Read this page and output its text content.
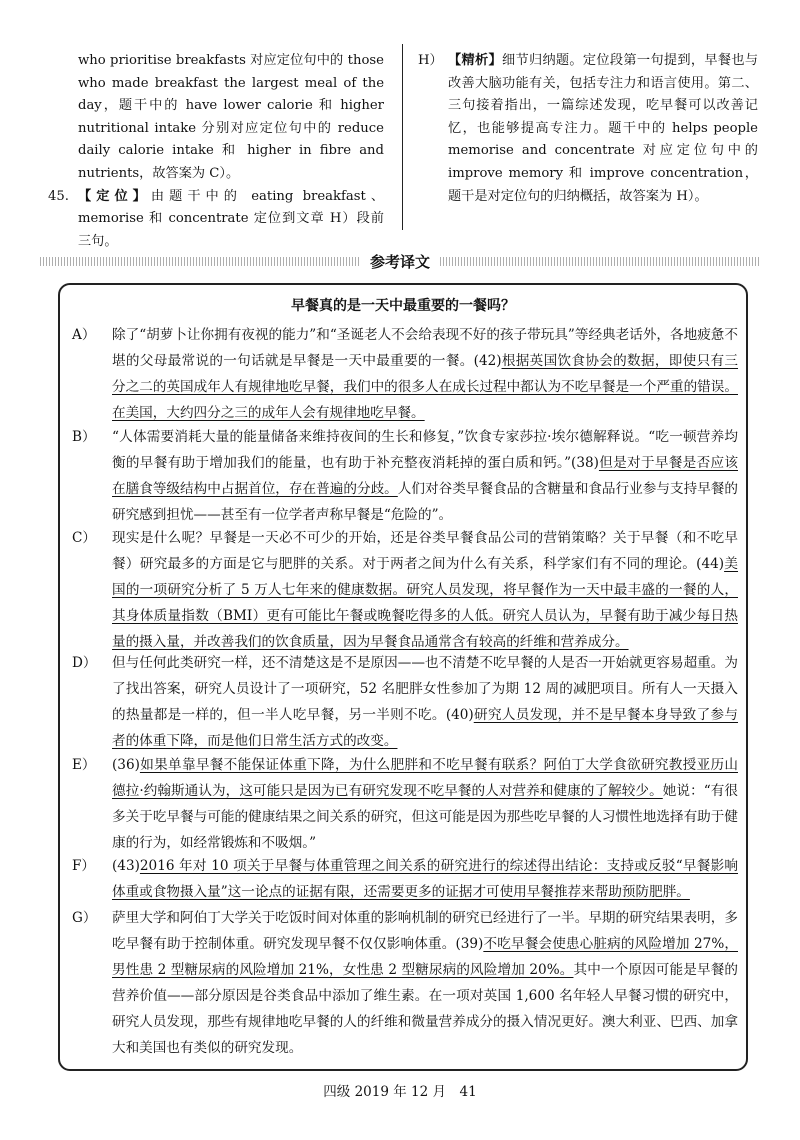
who prioritise breakfasts 对应定位句中的 those who made breakfast the largest meal of the day，题干中的 have lower calorie 和 higher nutritional intake 分别对应定位句中的 reduce daily calorie intake 和 higher in fibre and nutrients，故答案为 C）。
45. 【定位】由题干中的 eating breakfast、memorise 和 concentrate 定位到文章 H）段前三句。
H） 【精析】细节归纳题。定位段第一句提到，早餐也与改善大脑功能有关，包括专注力和语言使用。第二、三句接着指出，一篇综述发现，吃早餐可以改善记忆，也能够提高专注力。题干中的 helps people memorise and concentrate 对应定位句中的 improve memory 和 improve concentration，题干是对定位句的归纳概括，故答案为 H）。
参考译文
早餐真的是一天中最重要的一餐吗？
A）	除了“胡萝卜让你拥有夜视的能力”和“圣诞老人不会给表现不好的孩子带玩具”等经典老话外，各地疲惫不堪的父母最常说的一句话就是早餐是一天中最重要的一餐。(42)根据英国饮食协会的数据，即使只有三分之二的英国成年人有规律地吃早餐，我们中的很多人在成长过程中都认为不吃早餐是一个严重的错误。在美国，大约四分之三的成年人会有规律地吃早餐。
B）	“人体需要消耗大量的能量储备来维持夜间的生长和修复，”饮食专家莎拉·埃尔德解释说。“吃一顿营养均衡的早餐有助于增加我们的能量，也有助于补充整夜消耗掉的蛋白质和钙。”(38)但是对于早餐是否应该在膳食等级结构中占据首位，存在普遍的分歧。人们对谷类早餐食品的含糖量和食品行业参与支持早餐的研究感到担忧——甚至有一位学者声称早餐是“危险的”。
C）	现实是什么呢？早餐是一天必不可少的开始，还是谷类早餐食品公司的营销策略？关于早餐（和不吃早餐）研究最多的方面是它与肥胖的关系。对于两者之间为什么有关系，科学家们有不同的理论。(44)美国的一项研究分析了 5 万人七年来的健康数据。研究人员发现，将早餐作为一天中最丰盛的一餐的人，其身体质量指数（BMI）更有可能比午餐或晚餐吃得多的人低。研究人员认为，早餐有助于减少每日热量的摄入量，并改善我们的饮食质量，因为早餐食品通常含有较高的纤维和营养成分。
D）	但与任何此类研究一样，还不清楚这是不是原因——也不清楚不吃早餐的人是否一开始就更容易超重。为了找出答案，研究人员设计了一项研究，52 名肥胖女性参加了为期 12 周的减肥项目。所有人一天摄入的热量都是一样的，但一半人吃早餐，另一半则不吃。(40)研究人员发现，并不是早餐本身导致了参与者的体重下降，而是他们日常生活方式的改变。
E）	(36)如果单靠早餐不能保证体重下降，为什么肥胖和不吃早餐有联系？阿伯丁大学食欲研究教授亚历山德拉·约翰斯通认为，这可能只是因为已有研究发现不吃早餐的人对营养和健康的了解较少。她说：“有很多关于吃早餐与可能的健康结果之间关系的研究，但这可能是因为那些吃早餐的人习惯性地选择有助于健康的行为，如经常锻炼和不吸烟。”
F）	(43)2016 年对 10 项关于早餐与体重管理之间关系的研究进行的综述得出结论：支持或反驳“早餐影响体重或食物摄入量”这一论点的证据有限，还需要更多的证据才可使用早餐推荐来帮助预防肥胖。
G）	萨里大学和阿伯丁大学关于吃饭时间对体重的影响机制的研究已经进行了一半。早期的研究结果表明，多吃早餐有助于控制体重。研究发现早餐不仅仅影响体重。(39)不吃早餐会使患心脏病的风险增加 27%，男性患 2 型糖尿病的风险增加 21%，女性患 2 型糖尿病的风险增加 20%。其中一个原因可能是早餐的营养价值——部分原因是谷类食品中添加了维生素。在一项对英国 1,600 名年轻人早餐习惯的研究中，研究人员发现，那些有规律地吃早餐的人的纤维和微量营养成分的摄入情况更好。澳大利亚、巴西、加拿大和美国也有类似的研究发现。
四级 2019 年 12 月　41
